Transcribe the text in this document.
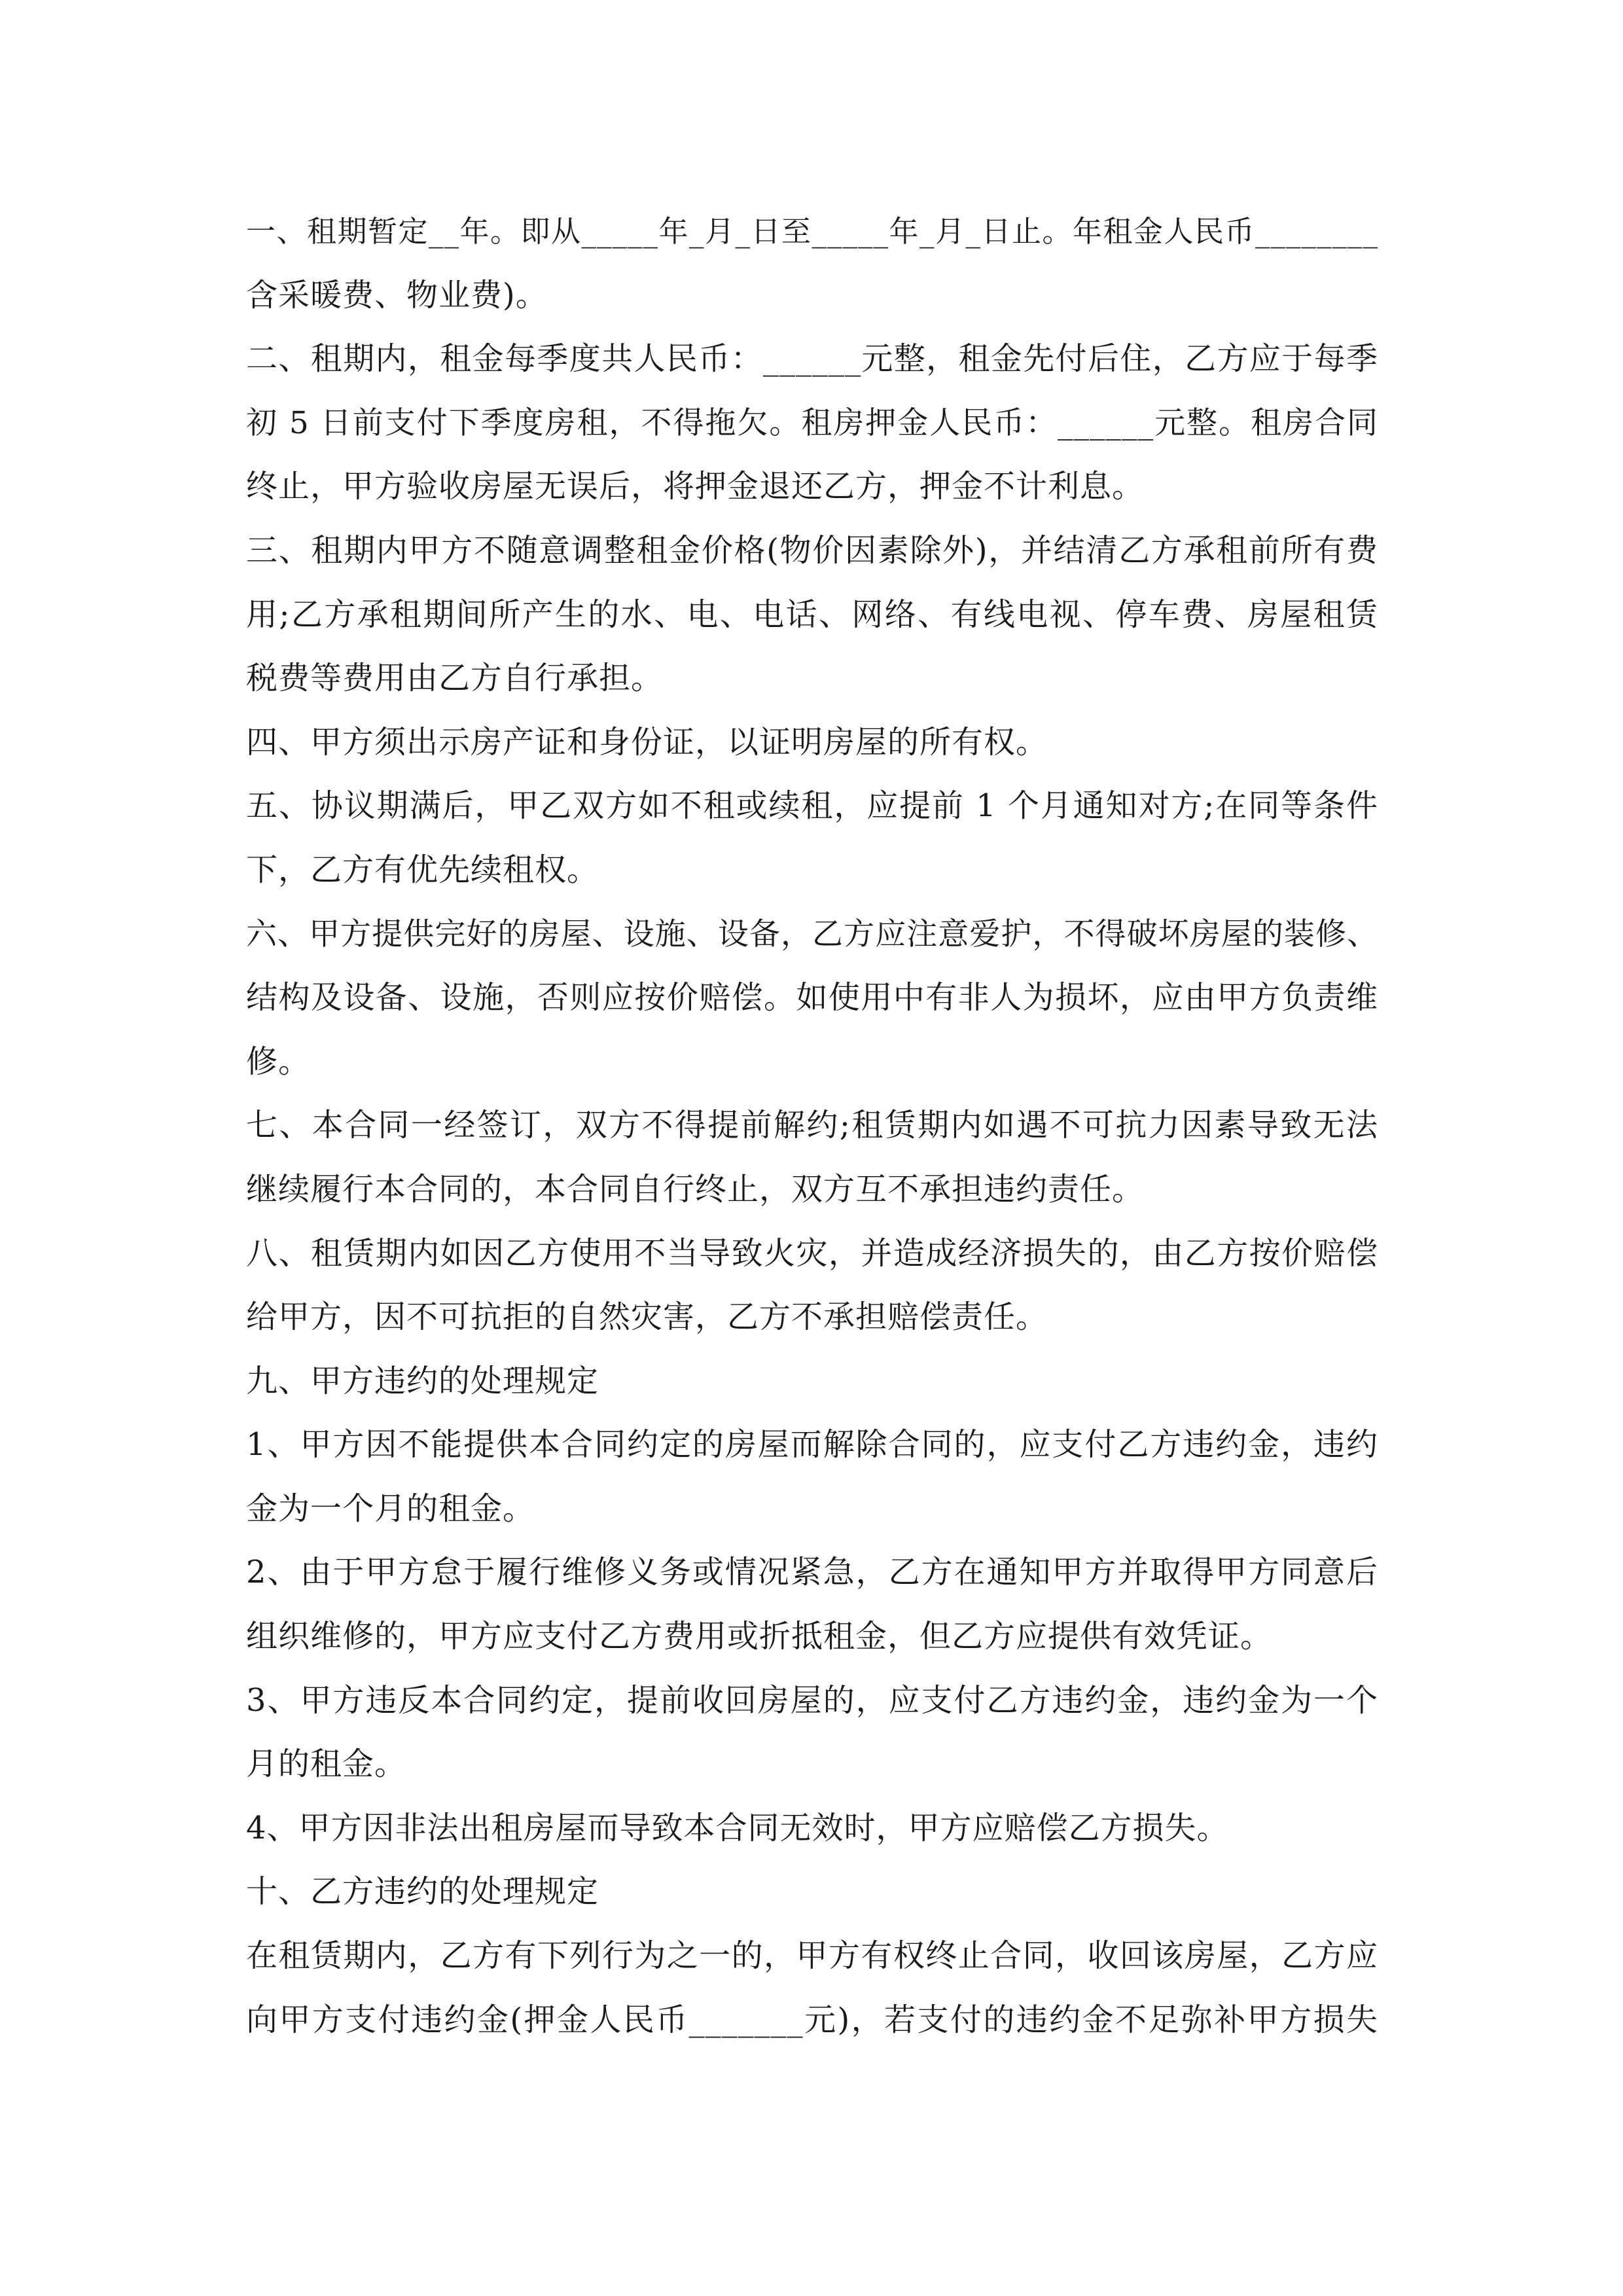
一、租期暂定__年。即从_____年_月_日至_____年_月_日止。年租金人民币________
含采暖费、物业费)。
二、租期内，租金每季度共人民币：______元整，租金先付后住，乙方应于每季
初 5 日前支付下季度房租，不得拖欠。租房押金人民币：______元整。租房合同
终止，甲方验收房屋无误后，将押金退还乙方，押金不计利息。
三、租期内甲方不随意调整租金价格(物价因素除外)，并结清乙方承租前所有费
用;乙方承租期间所产生的水、电、电话、网络、有线电视、停车费、房屋租赁
税费等费用由乙方自行承担。
四、甲方须出示房产证和身份证，以证明房屋的所有权。
五、协议期满后，甲乙双方如不租或续租，应提前 1 个月通知对方;在同等条件
下，乙方有优先续租权。
六、甲方提供完好的房屋、设施、设备，乙方应注意爱护，不得破坏房屋的装修、
结构及设备、设施，否则应按价赔偿。如使用中有非人为损坏，应由甲方负责维
修。
七、本合同一经签订，双方不得提前解约;租赁期内如遇不可抗力因素导致无法
继续履行本合同的，本合同自行终止，双方互不承担违约责任。
八、租赁期内如因乙方使用不当导致火灾，并造成经济损失的，由乙方按价赔偿
给甲方，因不可抗拒的自然灾害，乙方不承担赔偿责任。
九、甲方违约的处理规定
1、甲方因不能提供本合同约定的房屋而解除合同的，应支付乙方违约金，违约
金为一个月的租金。
2、由于甲方怠于履行维修义务或情况紧急，乙方在通知甲方并取得甲方同意后
组织维修的，甲方应支付乙方费用或折抵租金，但乙方应提供有效凭证。
3、甲方违反本合同约定，提前收回房屋的，应支付乙方违约金，违约金为一个
月的租金。
4、甲方因非法出租房屋而导致本合同无效时，甲方应赔偿乙方损失。
十、乙方违约的处理规定
在租赁期内，乙方有下列行为之一的，甲方有权终止合同，收回该房屋，乙方应
向甲方支付违约金(押金人民币_______元)，若支付的违约金不足弥补甲方损失
